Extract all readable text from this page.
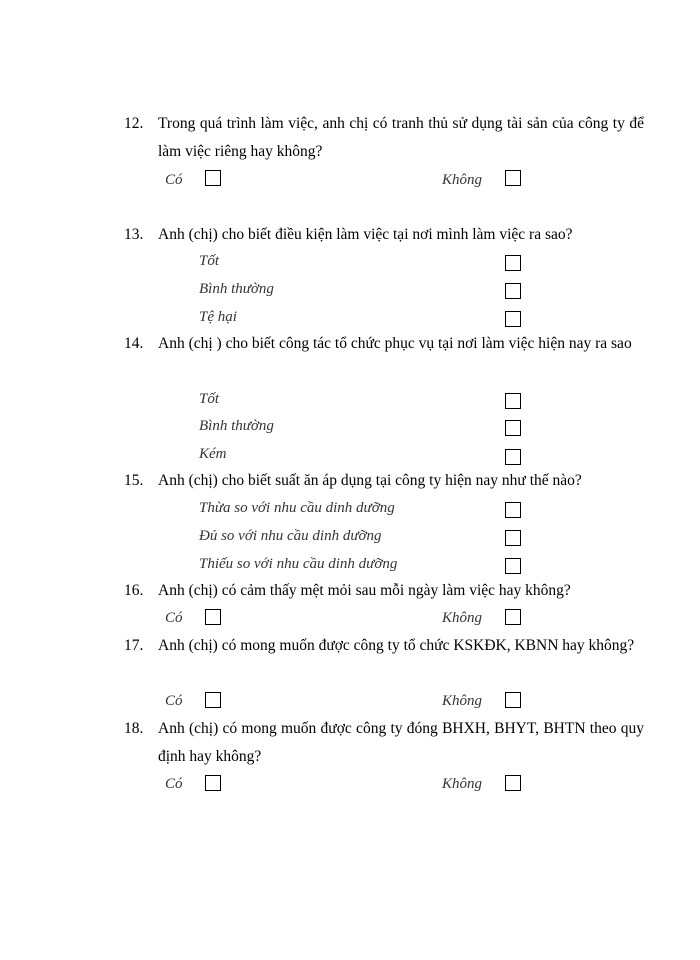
12. Trong quá trình làm việc, anh chị có tranh thủ sử dụng tài sản của công ty để làm việc riêng hay không?
Có	Không
13. Anh (chị) cho biết điều kiện làm việc tại nơi mình làm việc ra sao?
Tốt
Bình thường
Tệ hại
14. Anh (chị ) cho biết công tác tổ chức phục vụ tại nơi làm việc hiện nay ra sao
Tốt
Bình thường
Kém
15. Anh (chị) cho biết suất ăn áp dụng tại công ty hiện nay như thế nào?
Thừa so với nhu cầu dinh dưỡng
Đủ so với nhu cầu dinh dưỡng
Thiếu so với nhu cầu dinh dưỡng
16. Anh (chị) có cảm thấy mệt mỏi sau mỗi ngày làm việc hay không?
Có	Không
17. Anh (chị) có mong muốn được công ty tổ chức KSKĐK, KBNN hay không?
Có	Không
18. Anh (chị) có mong muốn được công ty đóng BHXH, BHYT, BHTN theo quy định hay không?
Có	Không
